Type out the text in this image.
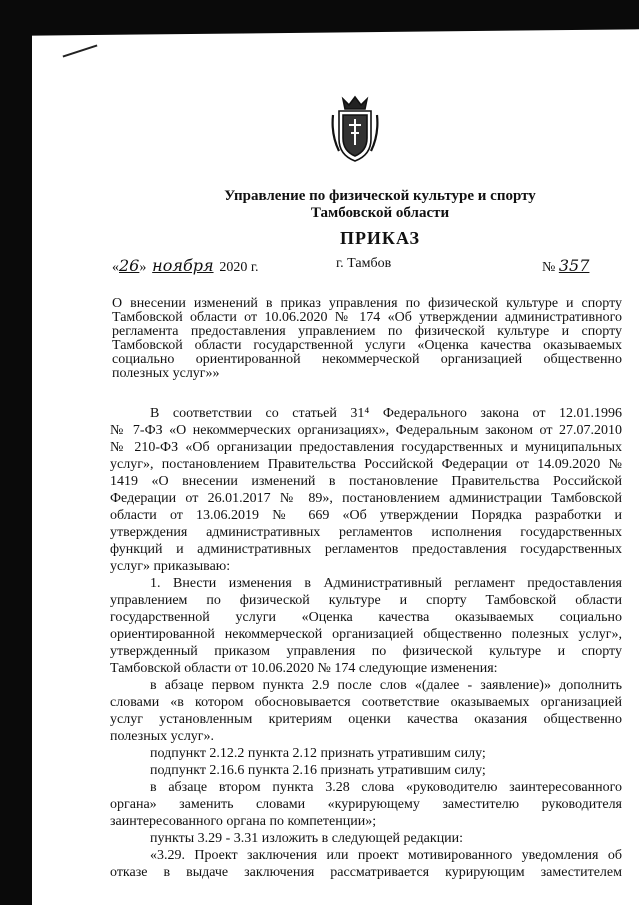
Управление по физической культуре и спорту
Тамбовской области
ПРИКАЗ
«26» ноября 2020 г.	г. Тамбов	№ 357
О внесении изменений в приказ управления по физической культуре и спорту
Тамбовской области от 10.06.2020 № 174 «Об утверждении административного
регламента предоставления управлением по физической культуре и спорту
Тамбовской области государственной услуги «Оценка качества оказываемых
социально ориентированной некоммерческой организацией общественно
полезных услуг»»
В соответствии со статьей 31⁴ Федерального закона от 12.01.1996
№ 7-ФЗ «О некоммерческих организациях», Федеральным законом от 27.07.2010
№ 210-ФЗ «Об организации предоставления государственных и муниципальных
услуг», постановлением Правительства Российской Федерации от 14.09.2020 №
1419 «О внесении изменений в постановление Правительства Российской
Федерации от 26.01.2017 № 89», постановлением администрации Тамбовской
области от 13.06.2019 № 669 «Об утверждении Порядка разработки и
утверждения административных регламентов исполнения государственных
функций и административных регламентов предоставления государственных
услуг» приказываю:
1. Внести изменения в Административный регламент предоставления
управлением по физической культуре и спорту Тамбовской области
государственной услуги «Оценка качества оказываемых социально
ориентированной некоммерческой организацией общественно полезных услуг»,
утвержденный приказом управления по физической культуре и спорту
Тамбовской области от 10.06.2020 № 174 следующие изменения:
в абзаце первом пункта 2.9 после слов «(далее - заявление)» дополнить
словами «в котором обосновывается соответствие оказываемых организацией
услуг установленным критериям оценки качества оказания общественно
полезных услуг».
подпункт 2.12.2 пункта 2.12 признать утратившим силу;
подпункт 2.16.6 пункта 2.16 признать утратившим силу;
в абзаце втором пункта 3.28 слова «руководителю заинтересованного
органа» заменить словами «курирующему заместителю руководителя
заинтересованного органа по компетенции»;
пункты 3.29 - 3.31 изложить в следующей редакции:
«3.29. Проект заключения или проект мотивированного уведомления об
отказе в выдаче заключения рассматривается курирующим заместителем
